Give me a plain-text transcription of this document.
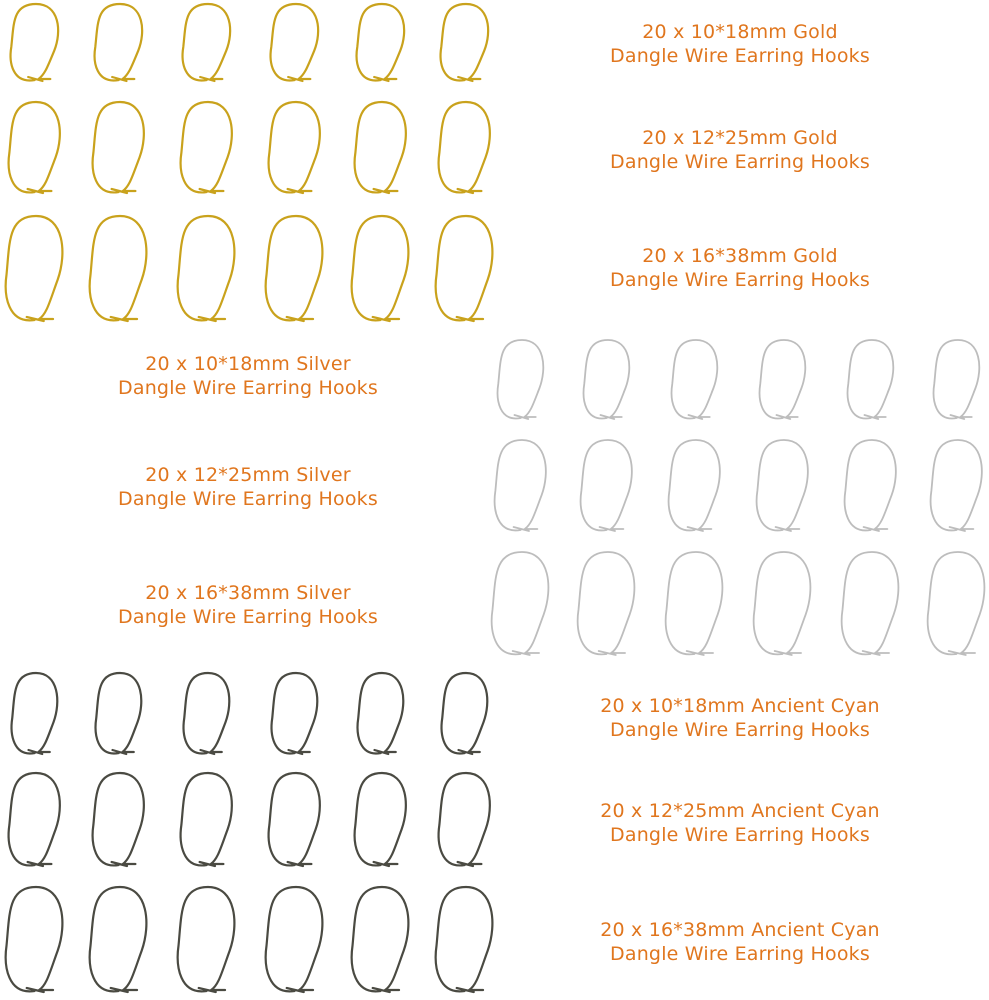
20 x 10*18mm Gold
Dangle Wire Earring Hooks
20 x 12*25mm Gold
Dangle Wire Earring Hooks
20 x 16*38mm Gold
Dangle Wire Earring Hooks
20 x 10*18mm Silver
Dangle Wire Earring Hooks
20 x 12*25mm Silver
Dangle Wire Earring Hooks
20 x 16*38mm Silver
Dangle Wire Earring Hooks
20 x 10*18mm Ancient Cyan
Dangle Wire Earring Hooks
20 x 12*25mm Ancient Cyan
Dangle Wire Earring Hooks
20 x 16*38mm Ancient Cyan
Dangle Wire Earring Hooks
